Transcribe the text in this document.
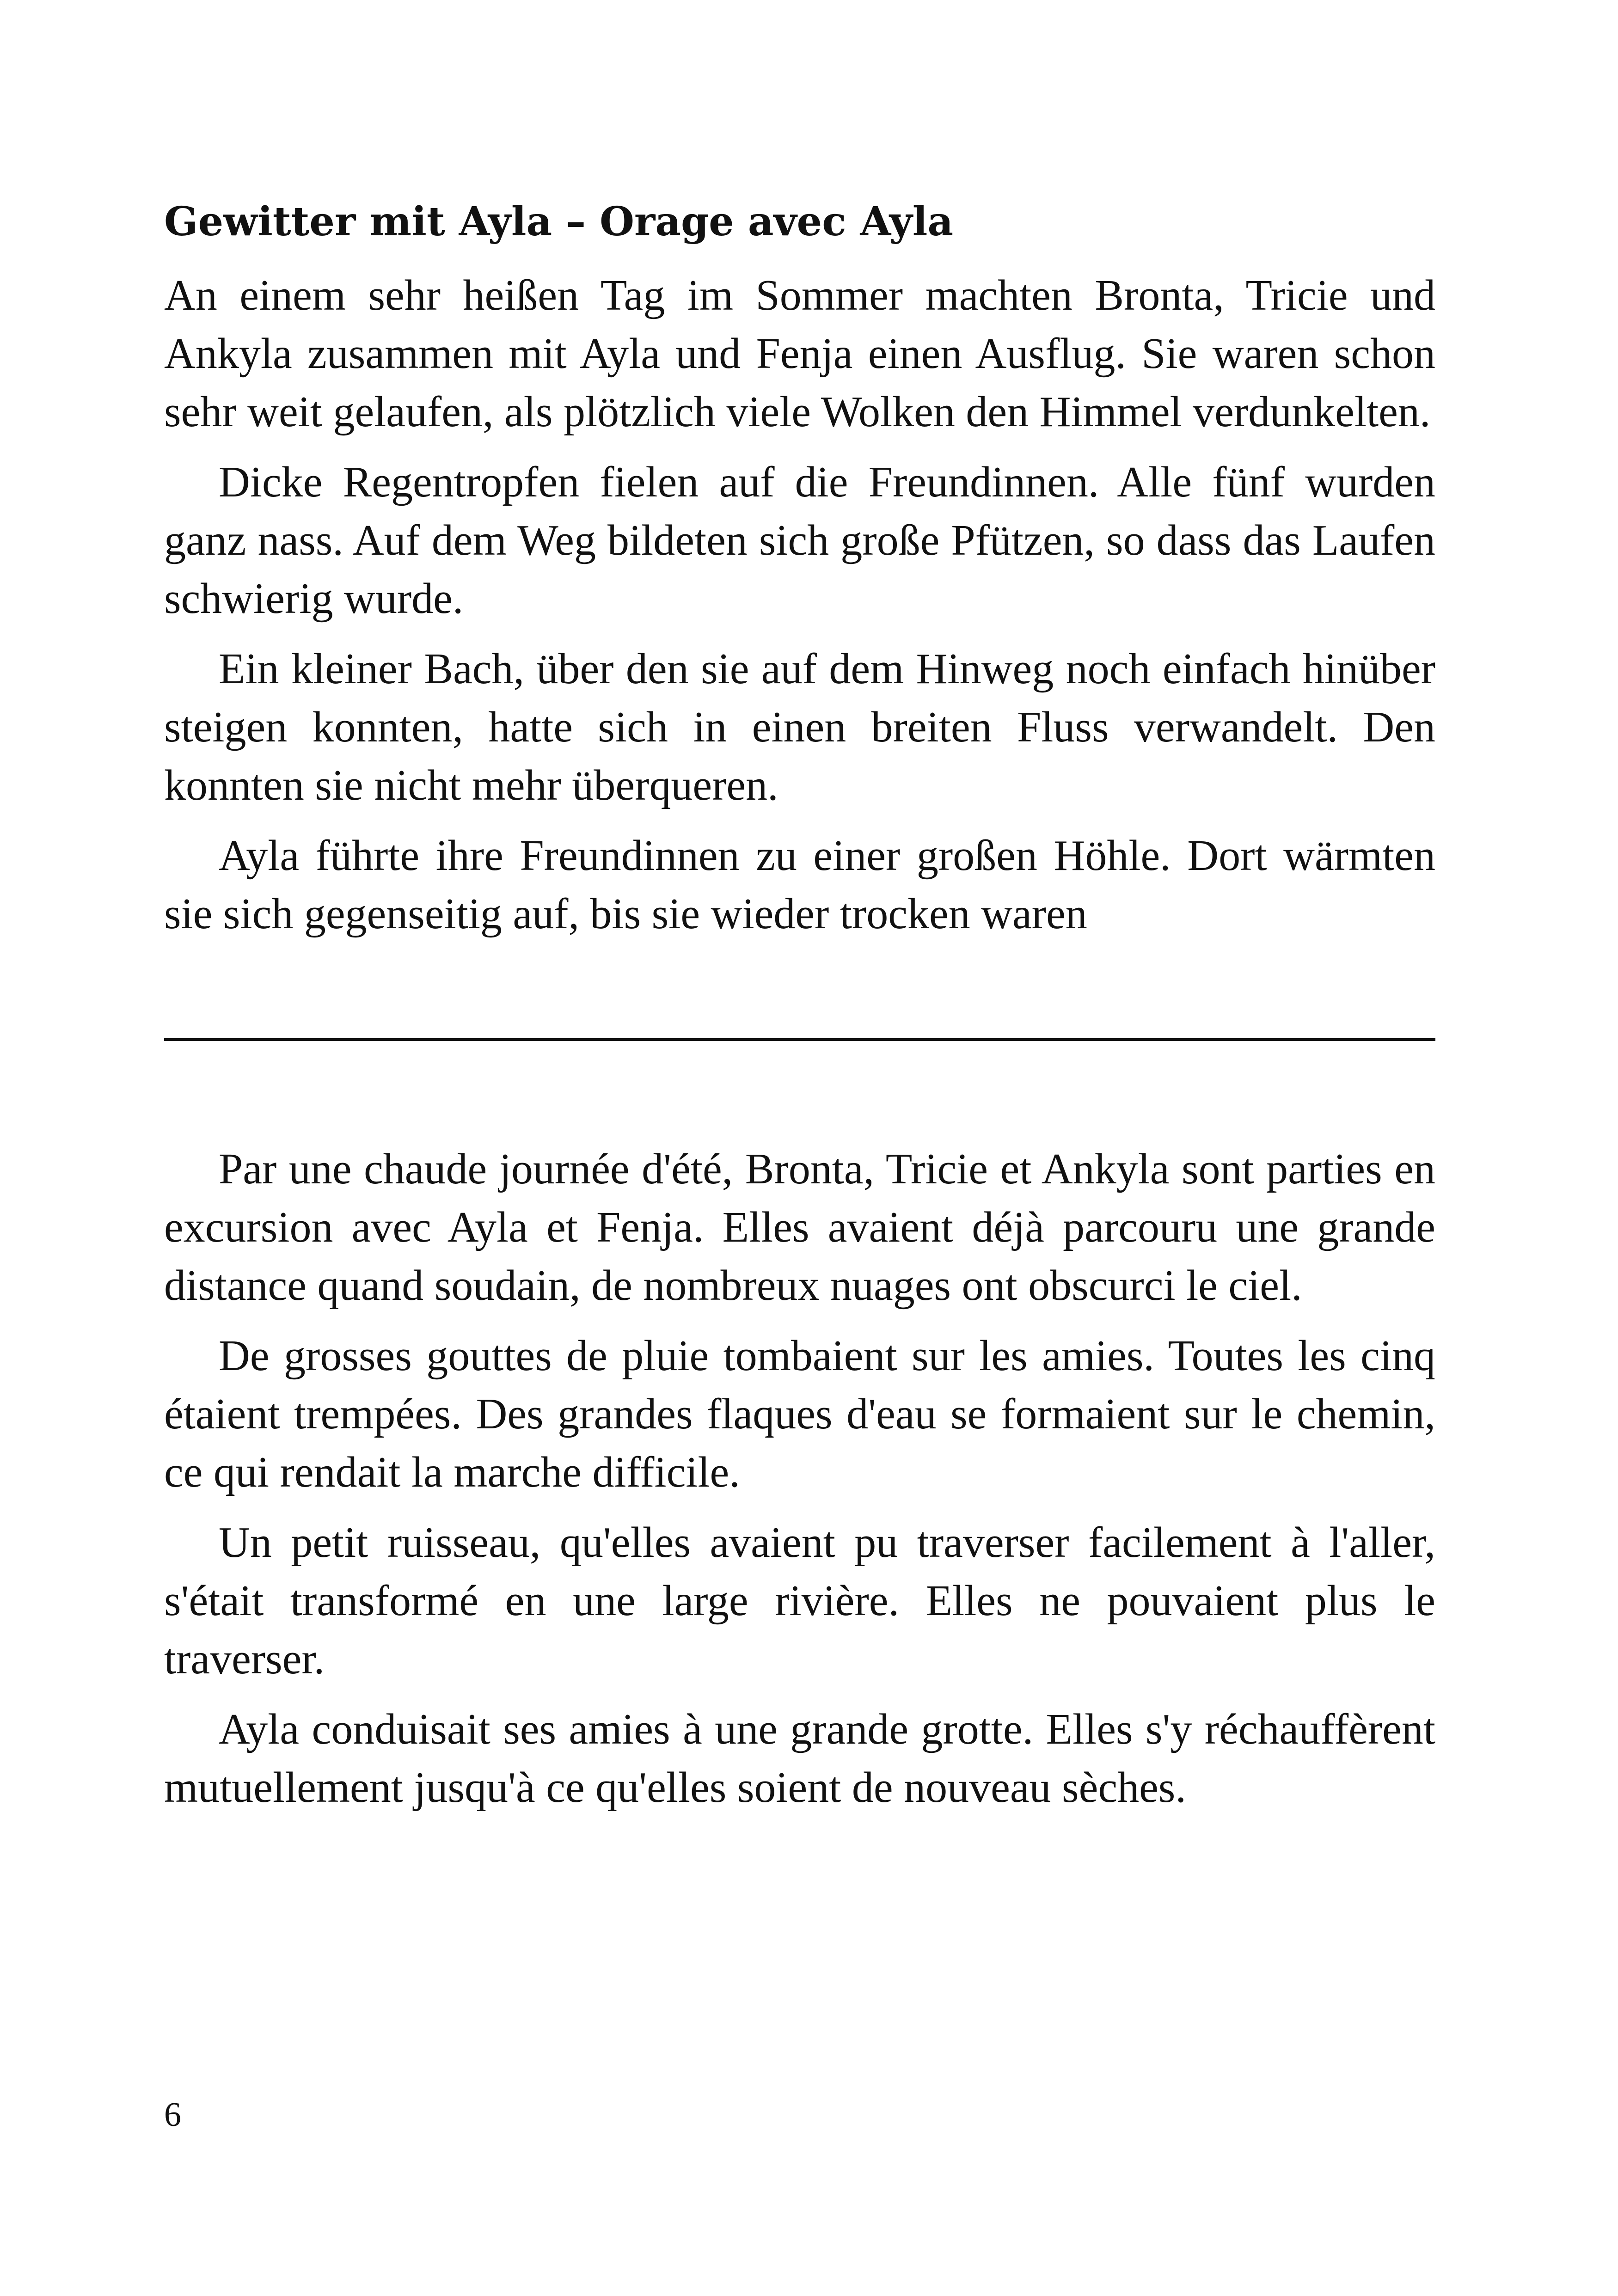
Gewitter mit Ayla – Orage avec Ayla

An einem sehr heißen Tag im Sommer machten Bronta, Tricie und Ankyla zusammen mit Ayla und Fenja einen Ausflug. Sie waren schon sehr weit gelaufen, als plötzlich viele Wolken den Himmel verdunkelten.

Dicke Regentropfen fielen auf die Freundinnen. Alle fünf wurden ganz nass. Auf dem Weg bildeten sich große Pfützen, so dass das Laufen schwierig wurde.

Ein kleiner Bach, über den sie auf dem Hinweg noch einfach hinüber steigen konnten, hatte sich in einen breiten Fluss verwandelt. Den konnten sie nicht mehr überqueren.

Ayla führte ihre Freundinnen zu einer großen Höhle. Dort wärmten sie sich gegenseitig auf, bis sie wieder trocken waren

Par une chaude journée d'été, Bronta, Tricie et Ankyla sont parties en excursion avec Ayla et Fenja. Elles avaient déjà parcouru une grande distance quand soudain, de nombreux nuages ont obscurci le ciel.

De grosses gouttes de pluie tombaient sur les amies. Toutes les cinq étaient trempées. Des grandes flaques d'eau se formaient sur le chemin, ce qui rendait la marche difficile.

Un petit ruisseau, qu'elles avaient pu traverser facilement à l'aller, s'était transformé en une large rivière. Elles ne pouvaient plus le traverser.

Ayla conduisait ses amies à une grande grotte. Elles s'y réchauffèrent mutuellement jusqu'à ce qu'elles soient de nouveau sèches.

6
